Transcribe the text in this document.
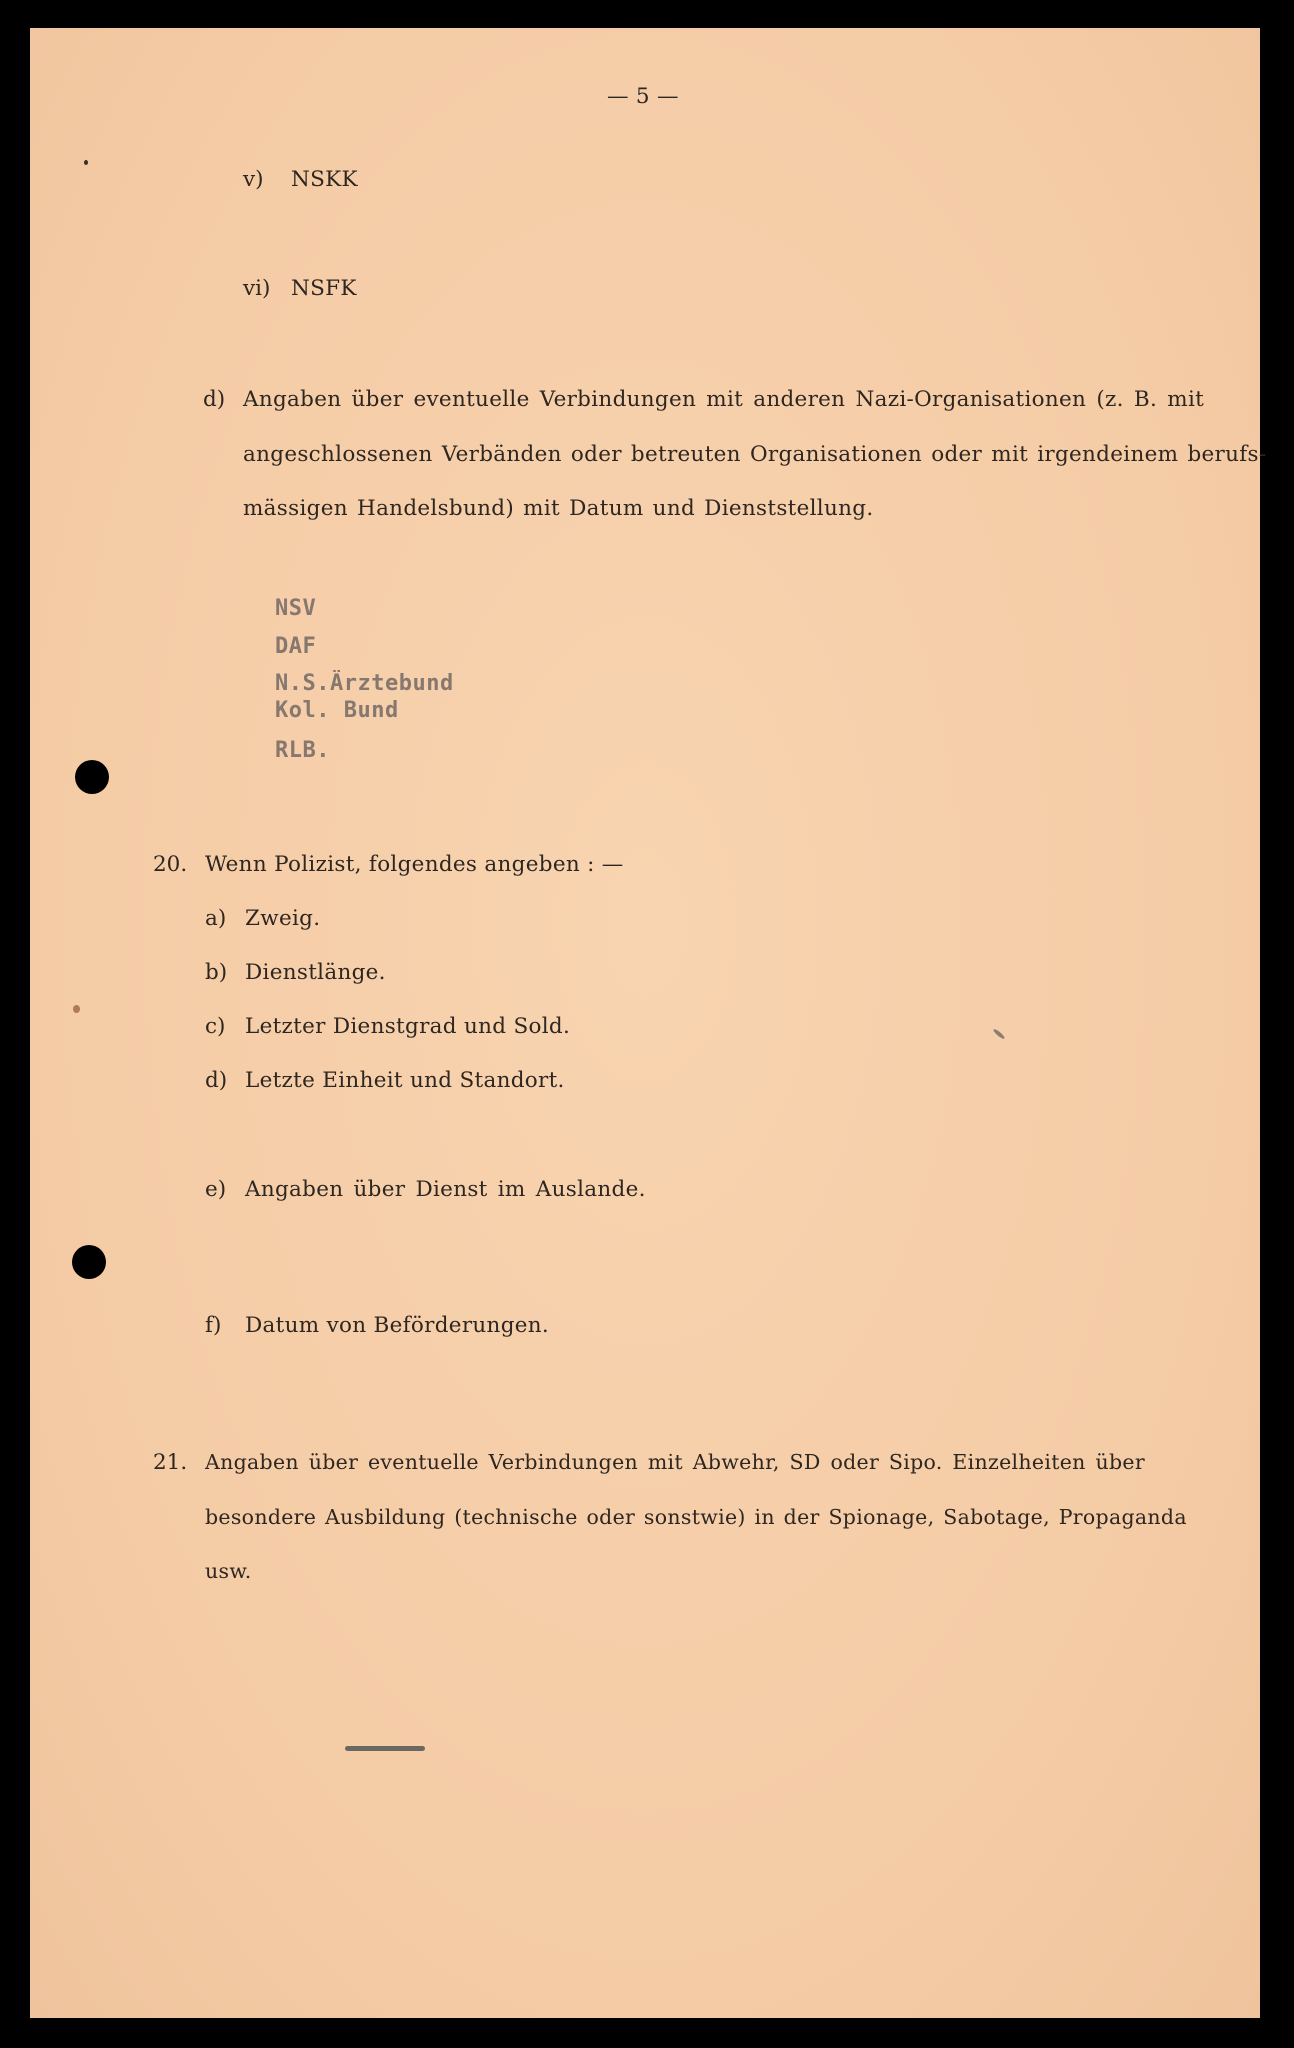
— 5 —
v) NSKK
vi) NSFK
d) Angaben über eventuelle Verbindungen mit anderen Nazi-Organisationen (z. B. mit
angeschlossenen Verbänden oder betreuten Organisationen oder mit irgendeinem berufs-
mässigen Handelsbund) mit Datum und Dienststellung.
NSV
DAF
N.S.Ärztebund
Kol. Bund
RLB.
20. Wenn Polizist, folgendes angeben : —
a) Zweig.
b) Dienstlänge.
c) Letzter Dienstgrad und Sold.
d) Letzte Einheit und Standort.
e) Angaben über Dienst im Auslande.
f) Datum von Beförderungen.
21. Angaben über eventuelle Verbindungen mit Abwehr, SD oder Sipo. Einzelheiten über
besondere Ausbildung (technische oder sonstwie) in der Spionage, Sabotage, Propaganda
usw.
